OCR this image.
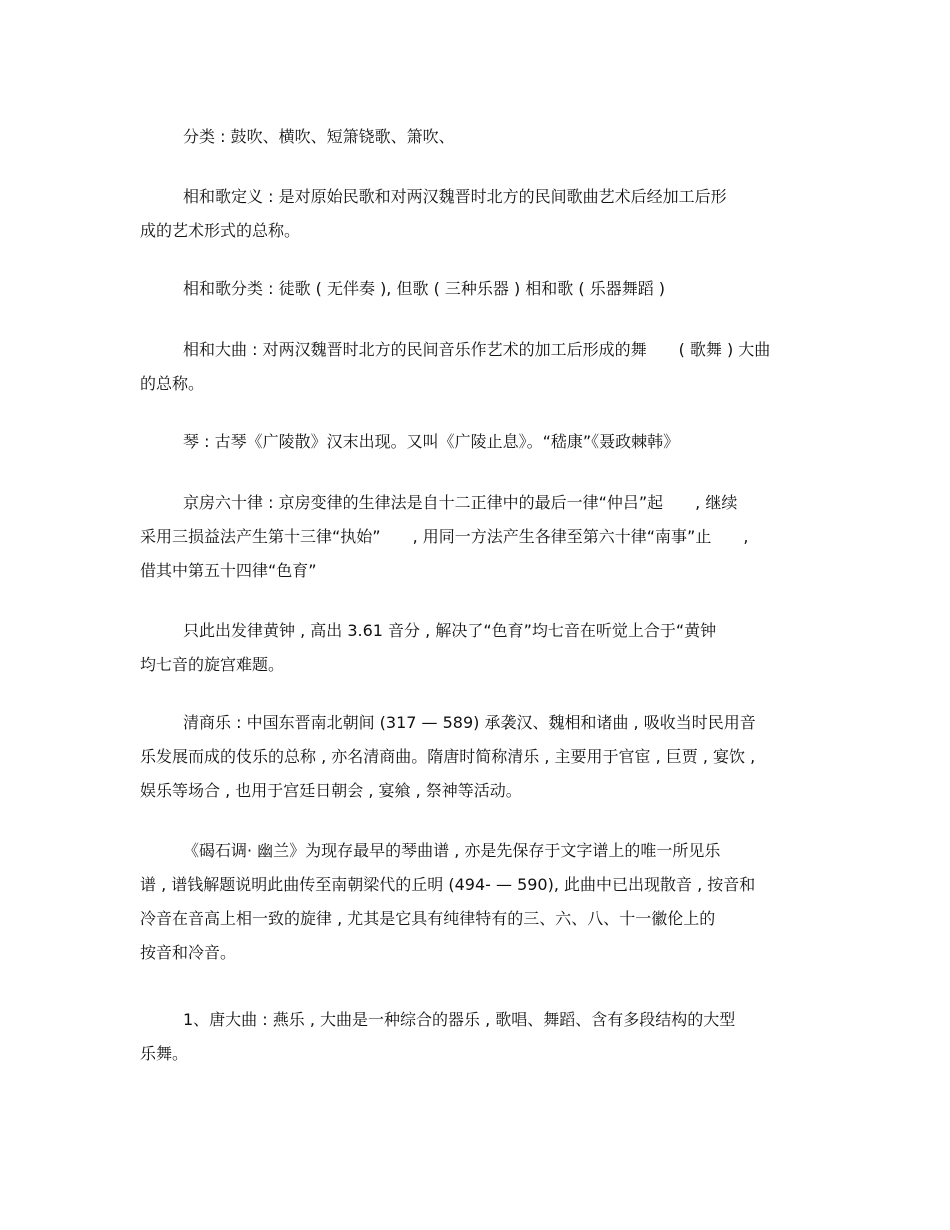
分类 : 鼓吹、横吹、短箫铙歌、箫吹、

相和歌定义 : 是对原始民歌和对两汉魏晋时北方的民间歌曲艺术后经加工后形
成的艺术形式的总称。

相和歌分类 : 徒歌 ( 无伴奏 ), 但歌 ( 三种乐器 ) 相和歌 ( 乐器舞蹈 )

相和大曲 : 对两汉魏晋时北方的民间音乐作艺术的加工后形成的舞　　( 歌舞 ) 大曲
的总称。

琴 : 古琴《广陵散》汉末出现。又叫《广陵止息》。“嵇康”《聂政棘韩》

京房六十律 : 京房变律的生律法是自十二正律中的最后一律“仲吕”起　　, 继续
采用三损益法产生第十三律“执始”　　, 用同一方法产生各律至第六十律“南事”止　　,
借其中第五十四律“色育”

只此出发律黄钟 , 高出 3.61 音分 , 解决了“色育”均七音在听觉上合于“黄钟
均七音的旋宫难题。

清商乐 : 中国东晋南北朝间 (317 — 589) 承袭汉、魏相和诸曲 , 吸收当时民用音
乐发展而成的伎乐的总称 , 亦名清商曲。隋唐时简称清乐 , 主要用于官宦 , 巨贾 , 宴饮 ,
娱乐等场合 , 也用于宫廷日朝会 , 宴飨 , 祭神等活动。

《碣石调· 幽兰》为现存最早的琴曲谱 , 亦是先保存于文字谱上的唯一所见乐
谱 , 谱钱解题说明此曲传至南朝梁代的丘明 (494- — 590), 此曲中已出现散音 , 按音和
冷音在音高上相一致的旋律 , 尤其是它具有纯律特有的三、六、八、十一徽伦上的
按音和冷音。

1、唐大曲 : 燕乐 , 大曲是一种综合的器乐 , 歌唱、舞蹈、含有多段结构的大型
乐舞。
